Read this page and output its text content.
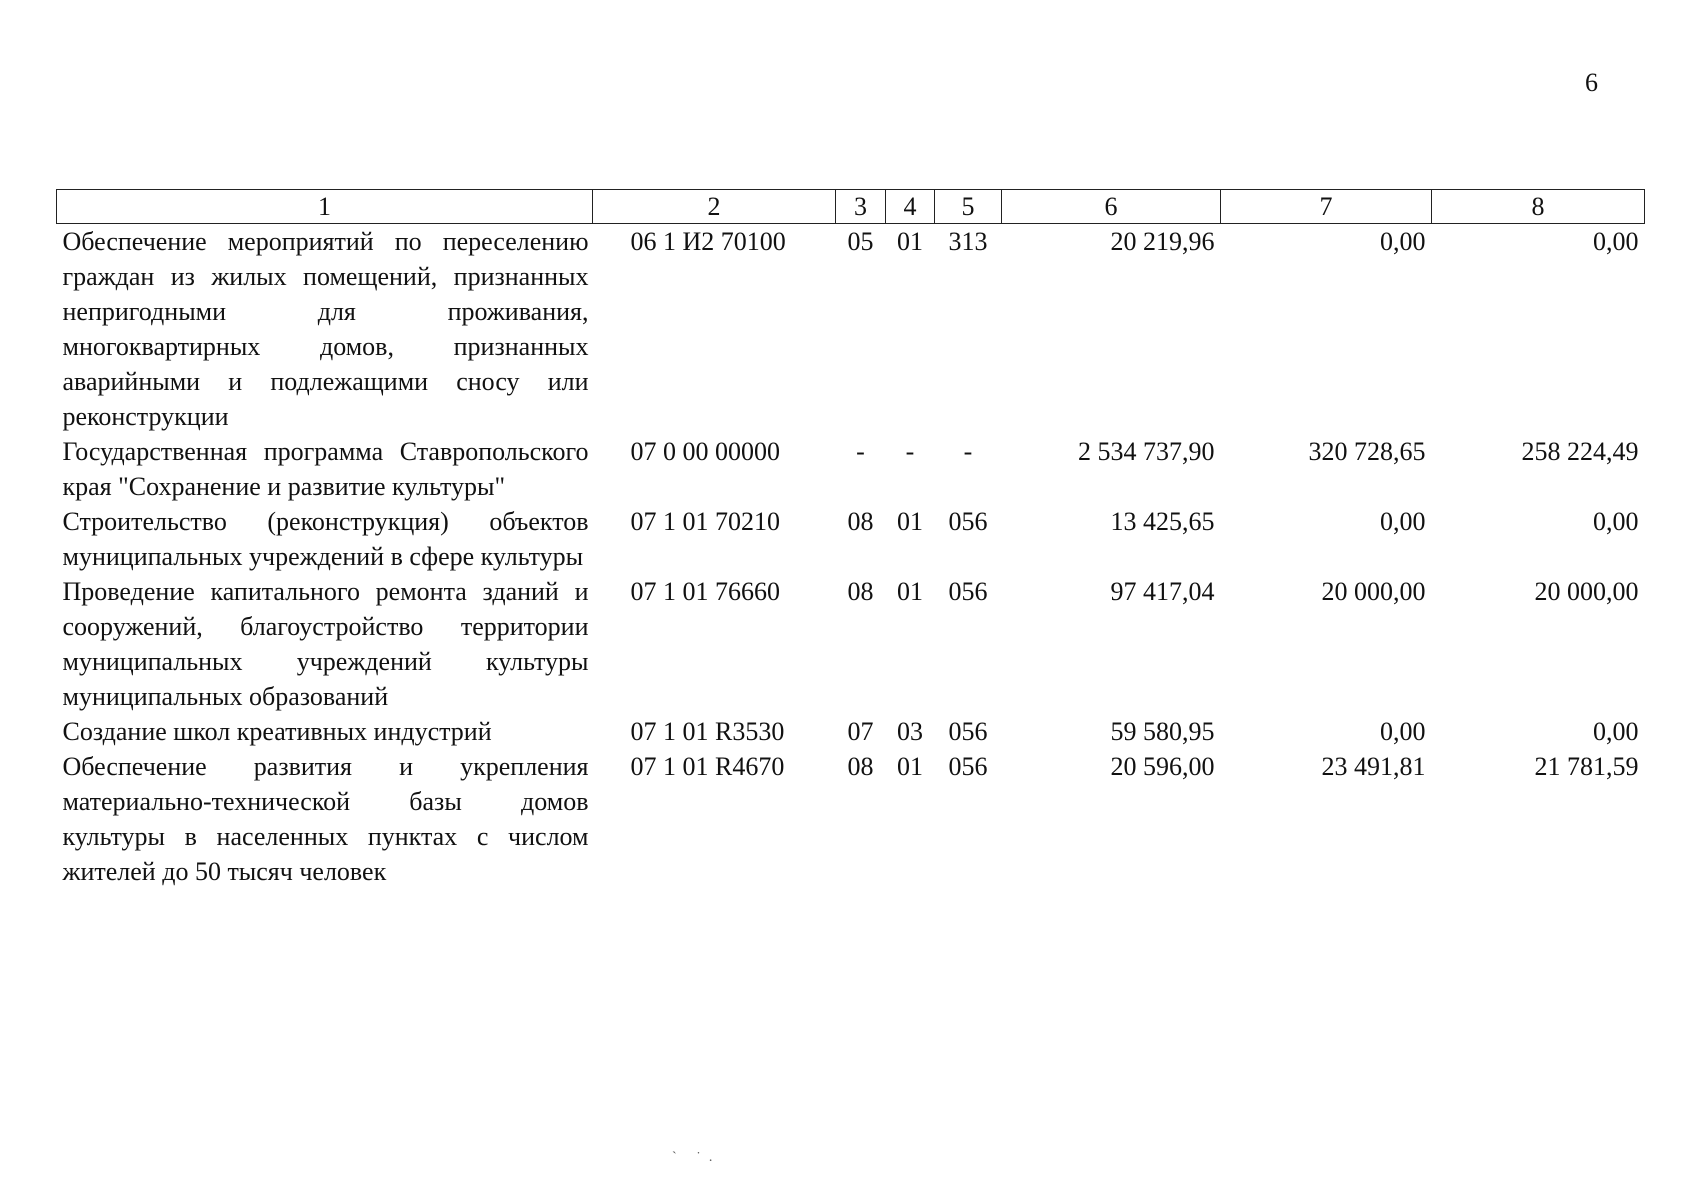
6
1	2	3	4	5	6	7	8
Обеспечение мероприятий по переселению граждан из жилых помещений, признанных непригодными для проживания, многоквартирных домов, признанных аварийными и подлежащими сносу или реконструкции	06 1 И2 70100	05	01	313	20 219,96	0,00	0,00
Государственная программа Ставропольского края "Сохранение и развитие культуры"	07 0 00 00000	-	-	-	2 534 737,90	320 728,65	258 224,49
Строительство (реконструкция) объектов муниципальных учреждений в сфере культуры	07 1 01 70210	08	01	056	13 425,65	0,00	0,00
Проведение капитального ремонта зданий и сооружений, благоустройство территории муниципальных учреждений культуры муниципальных образований	07 1 01 76660	08	01	056	97 417,04	20 000,00	20 000,00
Создание школ креативных индустрий	07 1 01 R3530	07	03	056	59 580,95	0,00	0,00
Обеспечение развития и укрепления материально-технической базы домов культуры в населенных пунктах с числом жителей до 50 тысяч человек	07 1 01 R4670	08	01	056	20 596,00	23 491,81	21 781,59
` ˙.
